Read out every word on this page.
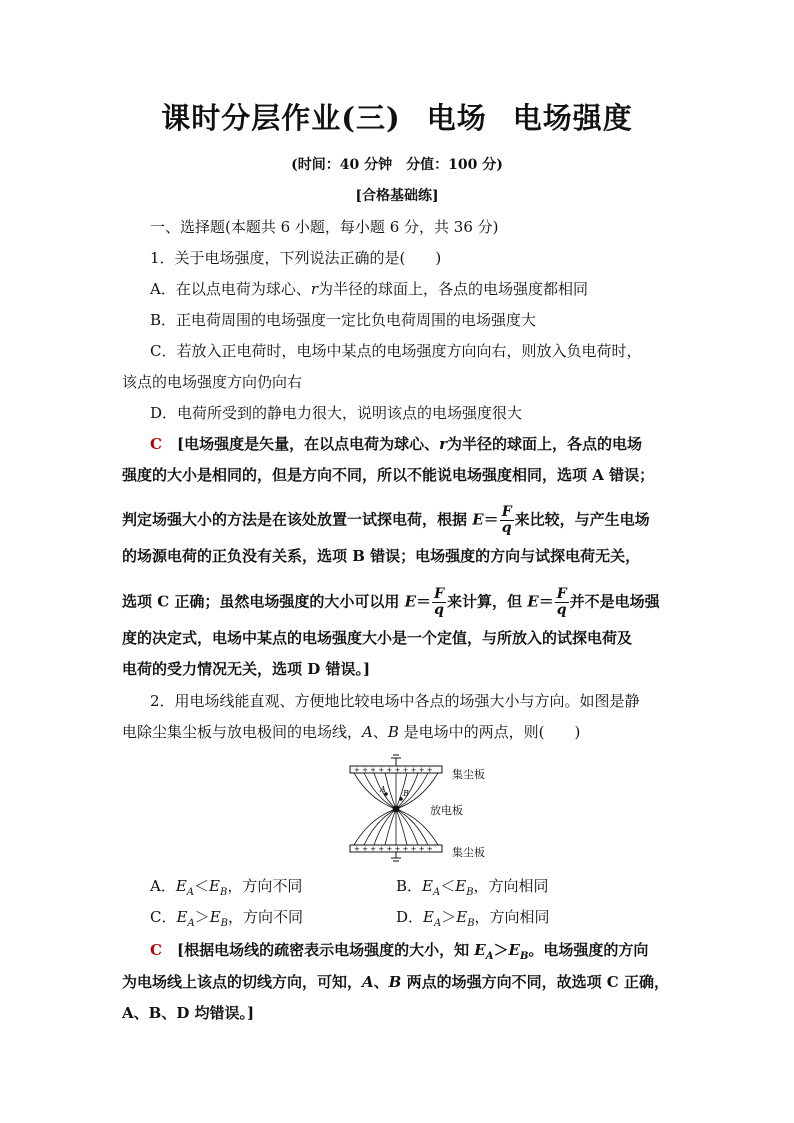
课时分层作业(三) 电场 电场强度
(时间：40 分钟　分值：100 分)
[合格基础练]
一、选择题(本题共 6 小题，每小题 6 分，共 36 分)
1．关于电场强度，下列说法正确的是(　　)
A．在以点电荷为球心、r为半径的球面上，各点的电场强度都相同
B．正电荷周围的电场强度一定比负电荷周围的电场强度大
C．若放入正电荷时，电场中某点的电场强度方向向右，则放入负电荷时，
该点的电场强度方向仍向右
D．电荷所受到的静电力很大，说明该点的电场强度很大
C　 [电场强度是矢量，在以点电荷为球心、r为半径的球面上，各点的电场
强度的大小是相同的，但是方向不同，所以不能说电场强度相同，选项 A 错误；
判定场强大小的方法是在该处放置一试探电荷，根据 $E= \frac{F}{q}$ 来比较，与产生电场
的场源电荷的正负没有关系，选项 B 错误；电场强度的方向与试探电荷无关，
选项 C 正确；虽然电场强度的大小可以用 $E= \frac{F}{q}$ 来计算，但 $E= \frac{F}{q}$ 并不是电场强
度的决定式，电场中某点的电场强度大小是一个定值，与所放入的试探电荷及
电荷的受力情况无关，选项 D 错误。]
2．用电场线能直观、方便地比较电场中各点的场强大小与方向。如图是静
电除尘集尘板与放电极间的电场线，A、B 是电场中的两点，则(　　)
+ + + + + + + + + +
+ + + + + + + + + +
A B
集尘板
放电板
集尘板
A．$E_A<E_B$，方向不同	B．$E_A<E_B$，方向相同
C．$E_A>E_B$，方向不同	D．$E_A>E_B$，方向相同
C　 [根据电场线的疏密表示电场强度的大小，知 $E_A>E_B$。电场强度的方向
为电场线上该点的切线方向，可知，A、B 两点的场强方向不同，故选项 C 正确，
A、B、D 均错误。]
